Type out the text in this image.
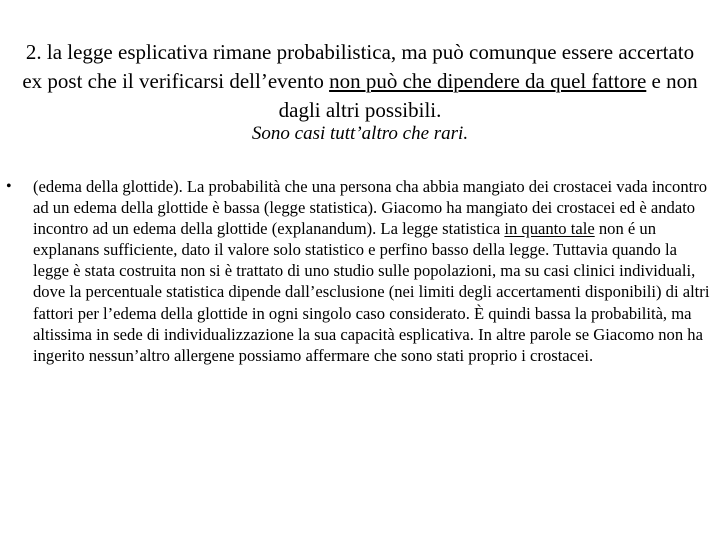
2. la legge esplicativa rimane probabilistica, ma può comunque essere accertato ex post che il verificarsi dell’evento non può che dipendere da quel fattore e non dagli altri possibili.

Sono casi tutt’altro che rari.

• (edema della glottide). La probabilità che una persona cha abbia mangiato dei crostacei vada incontro ad un edema della glottide è bassa (legge statistica). Giacomo ha mangiato dei crostacei ed è andato incontro ad un edema della glottide (explanandum). La legge statistica in quanto tale non é un explanans sufficiente, dato il valore solo statistico e perfino basso della legge. Tuttavia quando la legge è stata costruita non si è trattato di uno studio sulle popolazioni, ma su casi clinici individuali, dove la percentuale statistica dipende dall’esclusione (nei limiti degli accertamenti disponibili) di altri fattori per l’edema della glottide in ogni singolo caso considerato. È quindi bassa la probabilità, ma altissima in sede di individualizzazione la sua capacità esplicativa. In altre parole se Giacomo non ha ingerito nessun’altro allergene possiamo affermare che sono stati proprio i crostacei.
